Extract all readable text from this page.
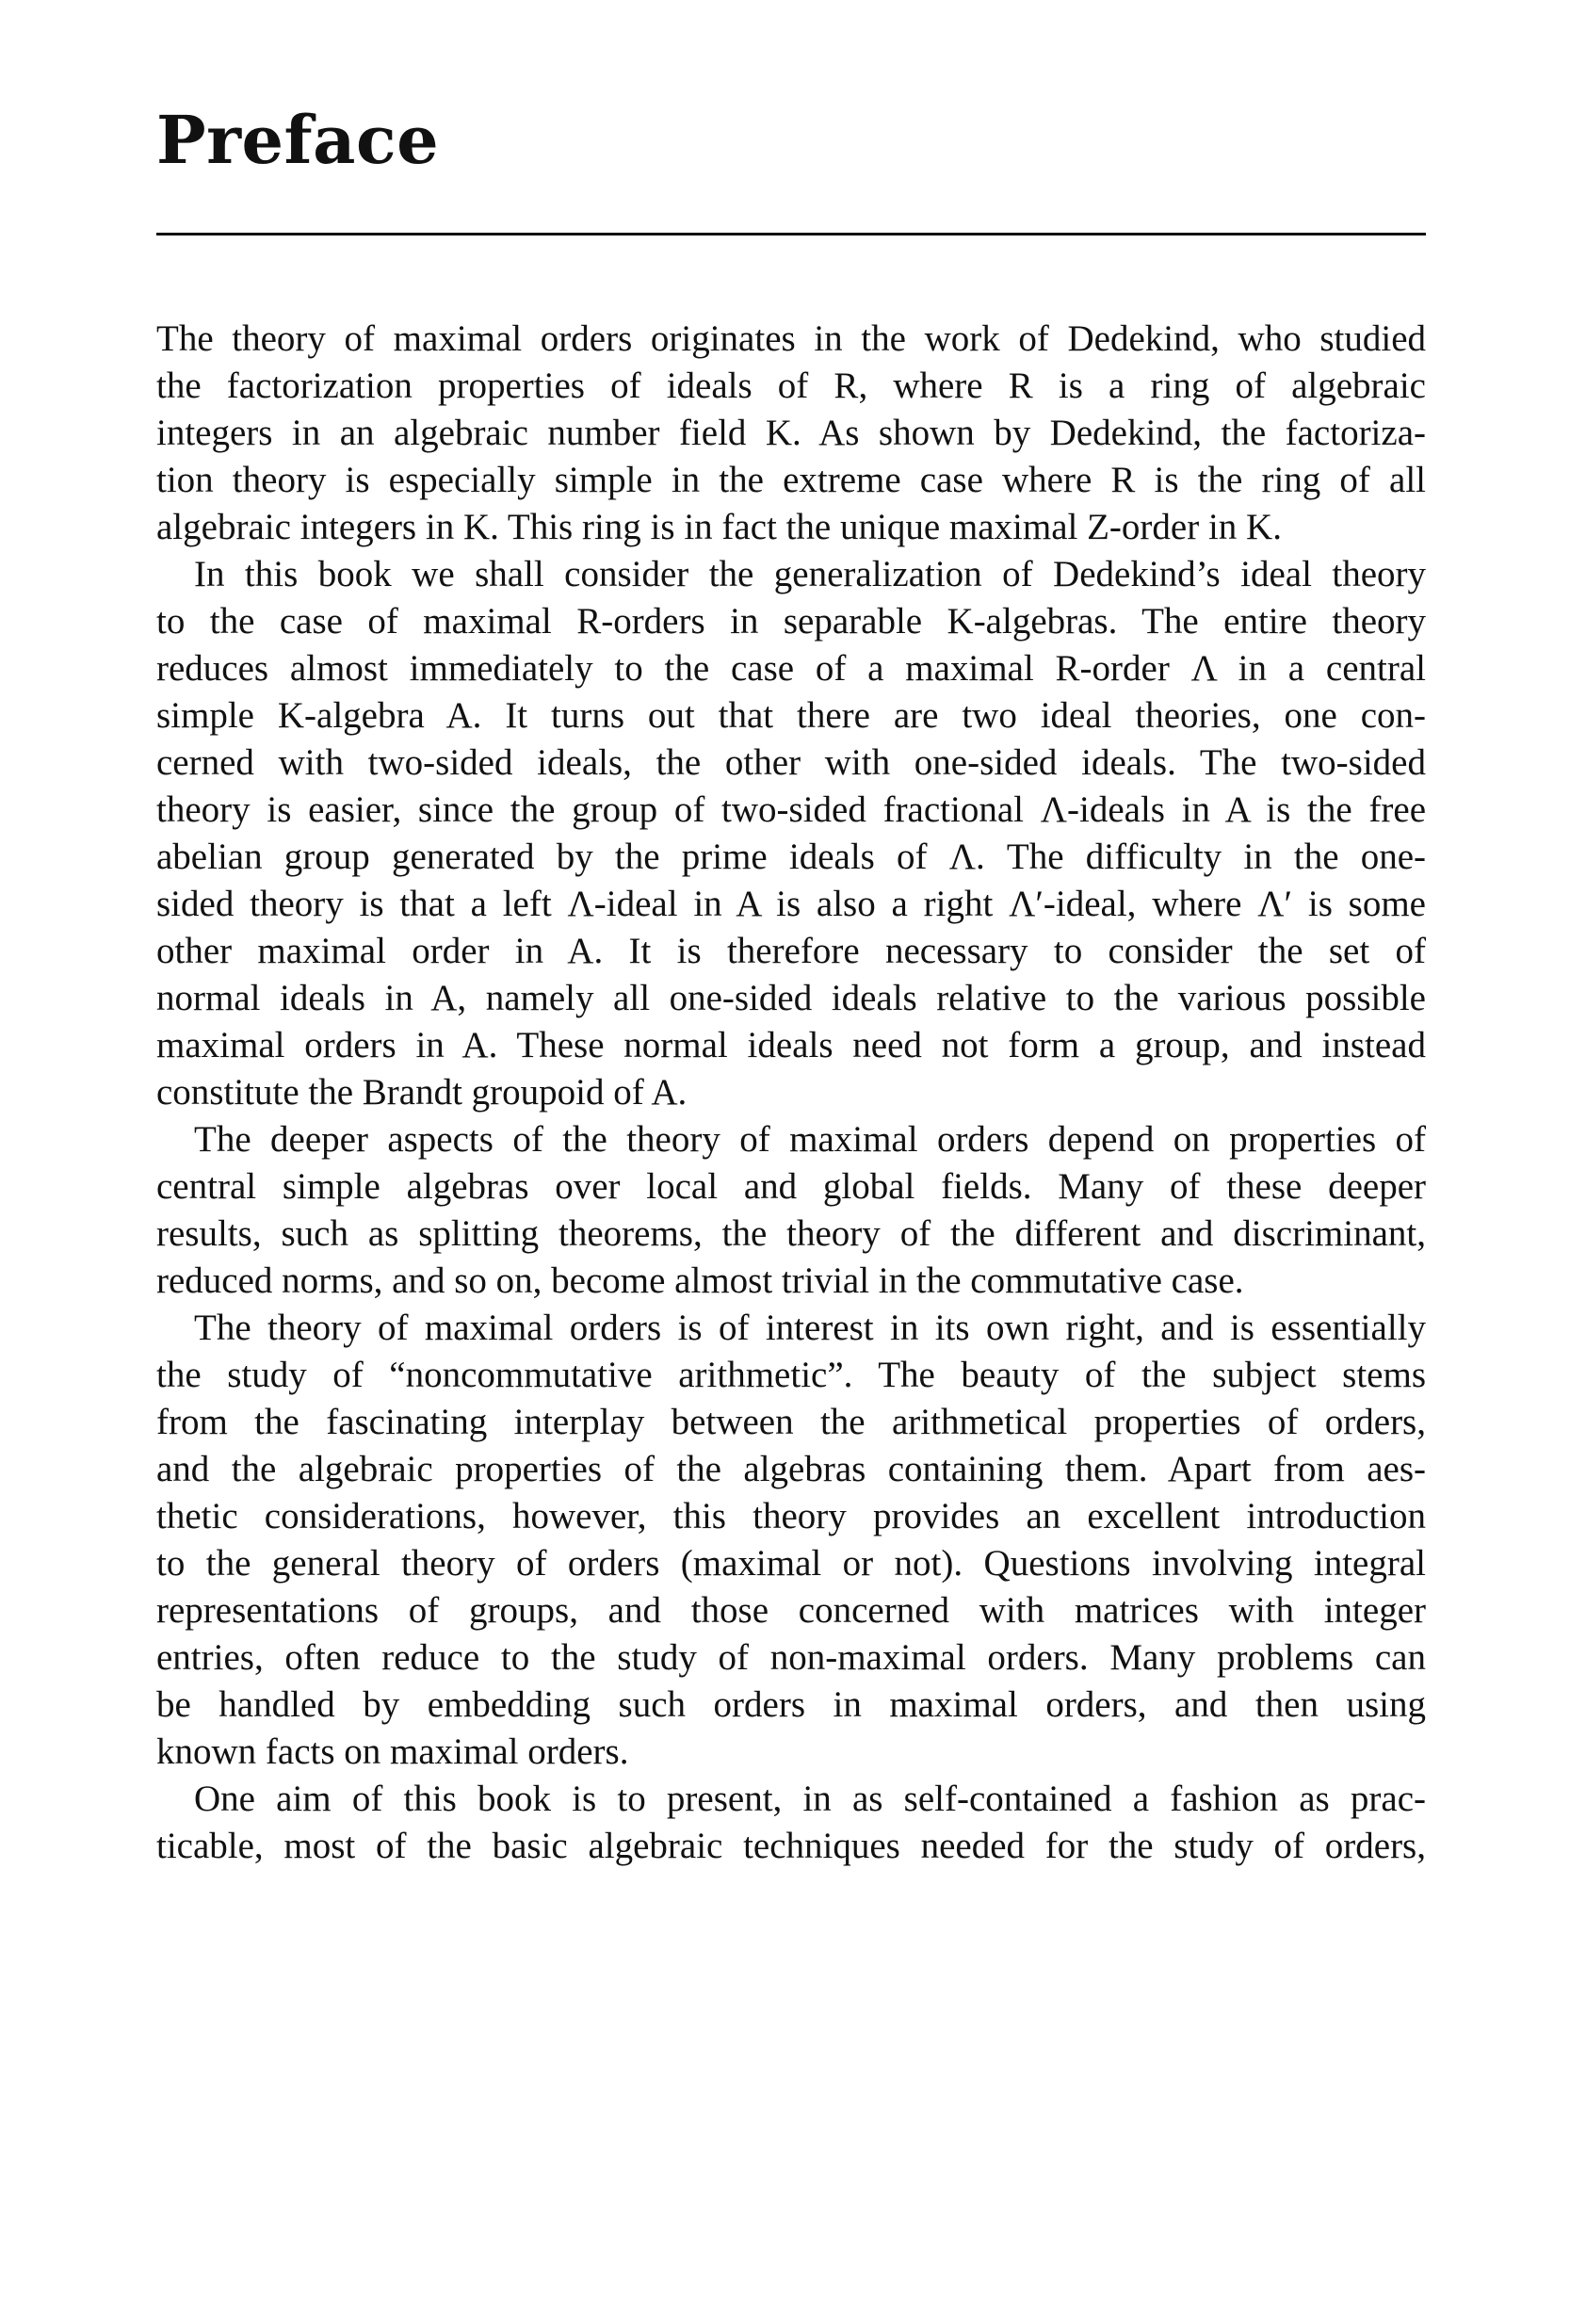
Preface

The theory of maximal orders originates in the work of Dedekind, who studied
the factorization properties of ideals of R, where R is a ring of algebraic
integers in an algebraic number field K. As shown by Dedekind, the factoriza-
tion theory is especially simple in the extreme case where R is the ring of all
algebraic integers in K. This ring is in fact the unique maximal Z-order in K.

In this book we shall consider the generalization of Dedekind’s ideal theory
to the case of maximal R-orders in separable K-algebras. The entire theory
reduces almost immediately to the case of a maximal R-order Λ in a central
simple K-algebra A. It turns out that there are two ideal theories, one con-
cerned with two-sided ideals, the other with one-sided ideals. The two-sided
theory is easier, since the group of two-sided fractional Λ-ideals in A is the free
abelian group generated by the prime ideals of Λ. The difficulty in the one-
sided theory is that a left Λ-ideal in A is also a right Λ′-ideal, where Λ′ is some
other maximal order in A. It is therefore necessary to consider the set of
normal ideals in A, namely all one-sided ideals relative to the various possible
maximal orders in A. These normal ideals need not form a group, and instead
constitute the Brandt groupoid of A.

The deeper aspects of the theory of maximal orders depend on properties of
central simple algebras over local and global fields. Many of these deeper
results, such as splitting theorems, the theory of the different and discriminant,
reduced norms, and so on, become almost trivial in the commutative case.

The theory of maximal orders is of interest in its own right, and is essentially
the study of “noncommutative arithmetic”. The beauty of the subject stems
from the fascinating interplay between the arithmetical properties of orders,
and the algebraic properties of the algebras containing them. Apart from aes-
thetic considerations, however, this theory provides an excellent introduction
to the general theory of orders (maximal or not). Questions involving integral
representations of groups, and those concerned with matrices with integer
entries, often reduce to the study of non-maximal orders. Many problems can
be handled by embedding such orders in maximal orders, and then using
known facts on maximal orders.

One aim of this book is to present, in as self-contained a fashion as prac-
ticable, most of the basic algebraic techniques needed for the study of orders,
